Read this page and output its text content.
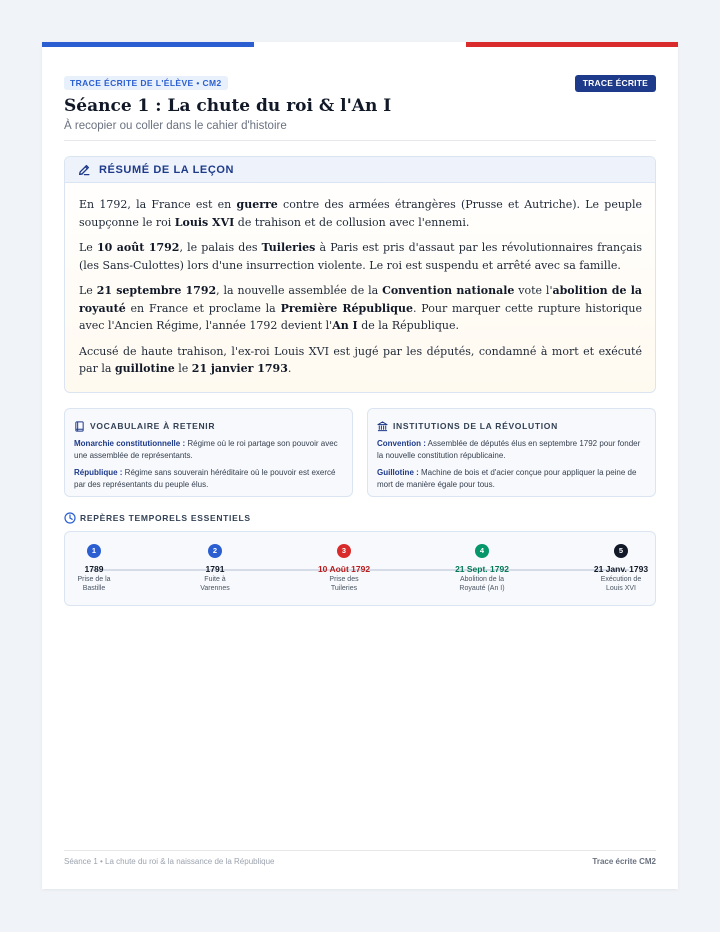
TRACE ÉCRITE DE L'ÉLÈVE • CM2	TRACE ÉCRITE
Séance 1 : La chute du roi & l'An I
À recopier ou coller dans le cahier d'histoire
RÉSUMÉ DE LA LEÇON

En 1792, la France est en guerre contre des armées étrangères (Prusse et Autriche). Le peuple soupçonne le roi Louis XVI de trahison et de collusion avec l'ennemi.

Le 10 août 1792, le palais des Tuileries à Paris est pris d'assaut par les révolutionnaires français (les Sans-Culottes) lors d'une insurrection violente. Le roi est suspendu et arrêté avec sa famille.

Le 21 septembre 1792, la nouvelle assemblée de la Convention nationale vote l'abolition de la royauté en France et proclame la Première République. Pour marquer cette rupture historique avec l'Ancien Régime, l'année 1792 devient l'An I de la République.

Accusé de haute trahison, l'ex-roi Louis XVI est jugé par les députés, condamné à mort et exécuté par la guillotine le 21 janvier 1793.

VOCABULAIRE À RETENIR
Monarchie constitutionnelle : Régime où le roi partage son pouvoir avec une assemblée de représentants.
République : Régime sans souverain héréditaire où le pouvoir est exercé par des représentants du peuple élus.
INSTITUTIONS DE LA RÉVOLUTION
Convention : Assemblée de députés élus en septembre 1792 pour fonder la nouvelle constitution républicaine.
Guillotine : Machine de bois et d'acier conçue pour appliquer la peine de mort de manière égale pour tous.
REPÈRES TEMPORELS ESSENTIELS
1
1789
Prise de la Bastille
2
1791
Fuite à Varennes
3
10 Août 1792
Prise des Tuileries
4
21 Sept. 1792
Abolition de la Royauté (An I)
5
21 Janv. 1793
Exécution de Louis XVI
Séance 1 • La chute du roi & la naissance de la République	Trace écrite CM2
